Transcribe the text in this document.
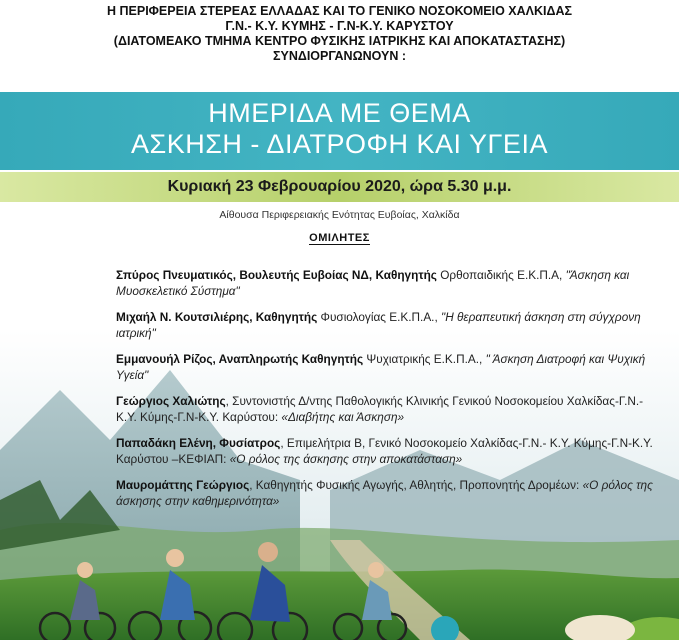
Η ΠΕΡΙΦΕΡΕΙΑ ΣΤΕΡΕΑΣ ΕΛΛΑΔΑΣ ΚΑΙ ΤΟ ΓΕΝΙΚΟ ΝΟΣΟΚΟΜΕΙΟ ΧΑΛΚΙΔΑΣ
Γ.Ν.- Κ.Υ. ΚΥΜΗΣ - Γ.Ν-Κ.Υ. ΚΑΡΥΣΤΟΥ
(ΔΙΑΤΟΜΕΑΚΟ ΤΜΗΜΑ ΚΕΝΤΡΟ ΦΥΣΙΚΗΣ ΙΑΤΡΙΚΗΣ ΚΑΙ ΑΠΟΚΑΤΑΣΤΑΣΗΣ)
ΣΥΝΔΙΟΡΓΑΝΩΝΟΥΝ :
ΗΜΕΡΙΔΑ ΜΕ ΘΕΜΑ
ΑΣΚΗΣΗ - ΔΙΑΤΡΟΦΗ ΚΑΙ ΥΓΕΙΑ
Κυριακή 23 Φεβρουαρίου 2020, ώρα 5.30 μ.μ.
Αίθουσα Περιφερειακής Ενότητας Ευβοίας, Χαλκίδα
ΟΜΙΛΗΤΕΣ
Σπύρος Πνευματικός, Βουλευτής Ευβοίας ΝΔ, Καθηγητής Ορθοπαιδικής Ε.Κ.Π.Α, "Άσκηση και Μυοσκελετικό Σύστημα"
Μιχαήλ Ν. Κουτσιλιέρης, Καθηγητής Φυσιολογίας Ε.Κ.Π.Α., "Η θεραπευτική άσκηση στη σύγχρονη ιατρική"
Εμμανουήλ Ρίζος, Αναπληρωτής Καθηγητής Ψυχιατρικής Ε.Κ.Π.Α., " Άσκηση Διατροφή και Ψυχική Υγεία"
Γεώργιος Χαλιώτης, Συντονιστής Δ/ντης Παθολογικής Κλινικής Γενικού Νοσοκομείου Χαλκίδας-Γ.Ν.- Κ.Υ. Κύμης-Γ.Ν-Κ.Υ. Καρύστου: «Διαβήτης και Άσκηση»
Παπαδάκη Ελένη, Φυσίατρος, Επιμελήτρια Β, Γενικό Νοσοκομείο Χαλκίδας-Γ.Ν.- Κ.Υ. Κύμης-Γ.Ν-Κ.Υ. Καρύστου –ΚΕΦΙΑΠ: «Ο ρόλος της άσκησης στην αποκατάσταση»
Μαυρομάττης Γεώργιος, Καθηγητής Φυσικής Αγωγής, Αθλητής, Προπονητής Δρομέων: «Ο ρόλος της άσκησης στην καθημερινότητα»
